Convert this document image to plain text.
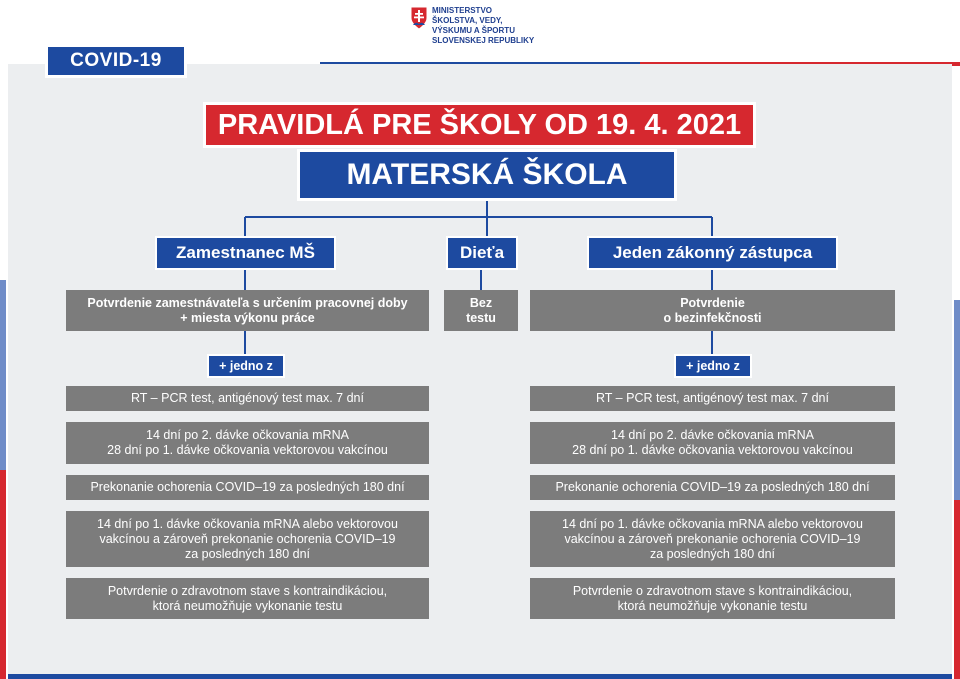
MINISTERSTVO
ŠKOLSTVA, VEDY,
VÝSKUMU A ŠPORTU
SLOVENSKEJ REPUBLIKY
COVID-19
PRAVIDLÁ PRE ŠKOLY OD 19. 4. 2021
MATERSKÁ ŠKOLA
Zamestnanec MŠ	Dieťa	Jeden zákonný zástupca
Potvrdenie zamestnávateľa s určením pracovnej doby
+ miesta výkonu práce
Bez
testu
Potvrdenie
o bezinfekčnosti
+ jedno z	+ jedno z
RT – PCR test, antigénový test max. 7 dní
14 dní po 2. dávke očkovania mRNA
28 dní po 1. dávke očkovania vektorovou vakcínou
Prekonanie ochorenia COVID–19 za posledných 180 dní
14 dní po 1. dávke očkovania mRNA alebo vektorovou
vakcínou a zároveň prekonanie ochorenia COVID–19
za posledných 180 dní
Potvrdenie o zdravotnom stave s kontraindikáciou,
ktorá neumožňuje vykonanie testu
RT – PCR test, antigénový test max. 7 dní
14 dní po 2. dávke očkovania mRNA
28 dní po 1. dávke očkovania vektorovou vakcínou
Prekonanie ochorenia COVID–19 za posledných 180 dní
14 dní po 1. dávke očkovania mRNA alebo vektorovou
vakcínou a zároveň prekonanie ochorenia COVID–19
za posledných 180 dní
Potvrdenie o zdravotnom stave s kontraindikáciou,
ktorá neumožňuje vykonanie testu
